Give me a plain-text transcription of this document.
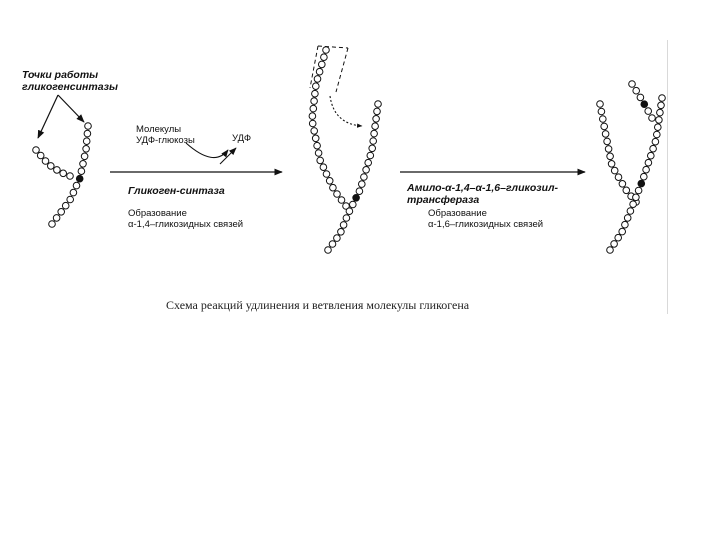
Точки работы
гликогенсинтазы
Молекулы
УДФ-глюкозы	УДФ
Гликоген-синтаза
Образование
α-1,4–гликозидных связей
Амило-α-1,4–α-1,6–гликозил-
трансфераза
Образование
α-1,6–гликозидных связей
Схема реакций удлинения и ветвления молекулы гликогена
